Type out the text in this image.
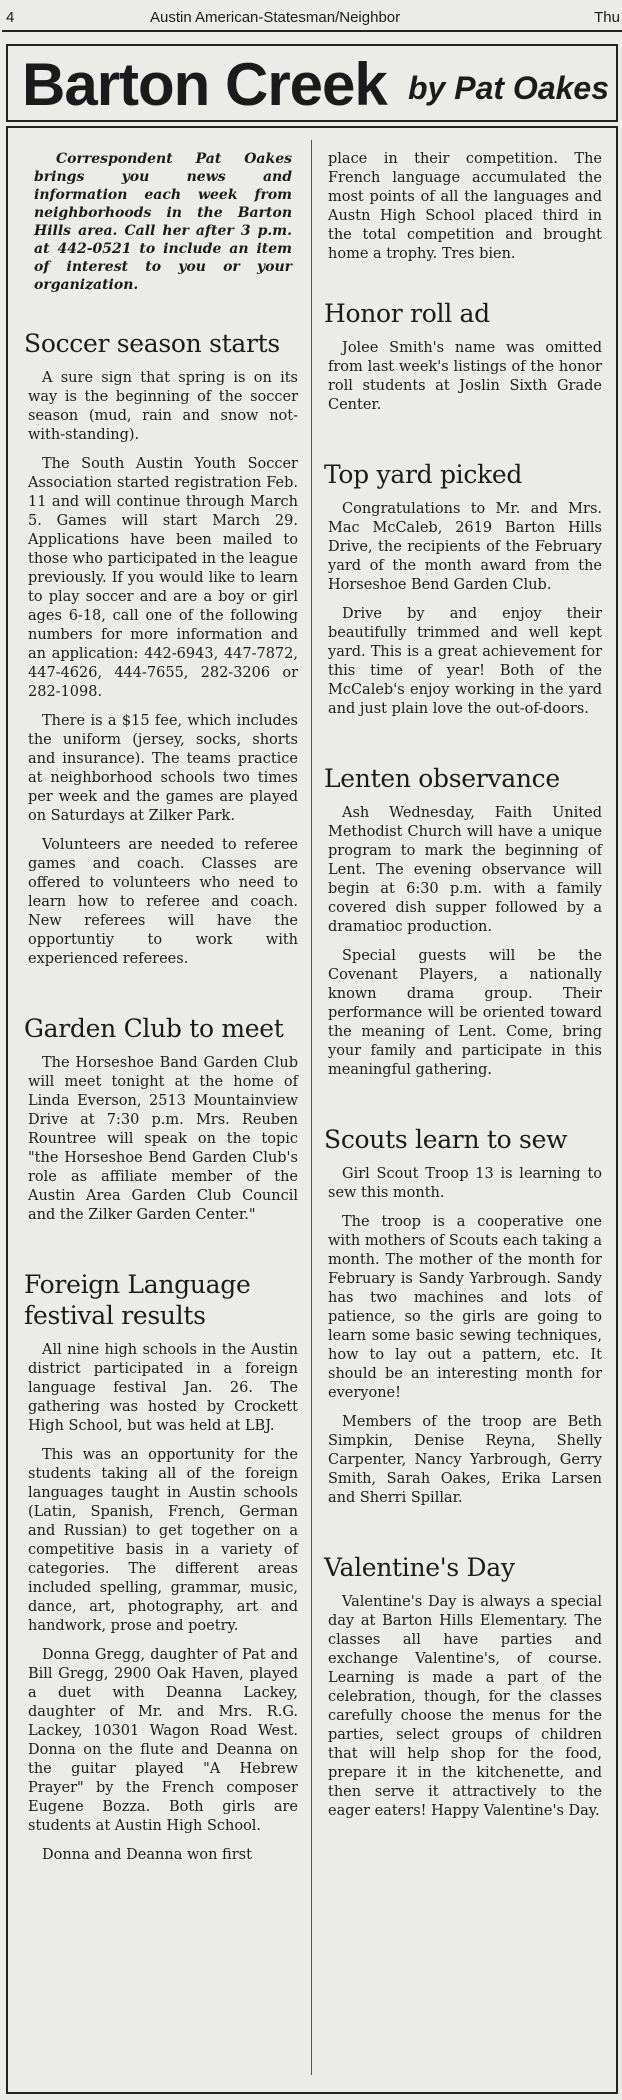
4	Austin American-Statesman/Neighbor	Thu
Barton Creek by Pat Oakes

Correspondent Pat Oakes brings you news and information each week from neighborhoods in the Barton Hills area. Call her after 3 p.m. at 442-0521 to include an item of interest to you or your organization.

Soccer season starts

A sure sign that spring is on its way is the beginning of the soccer season (mud, rain and snow not-with-standing).

The South Austin Youth Soccer Association started registration Feb. 11 and will continue through March 5. Games will start March 29. Applications have been mailed to those who participated in the league previously. If you would like to learn to play soccer and are a boy or girl ages 6-18, call one of the following numbers for more information and an application: 442-6943, 447-7872, 447-4626, 444-7655, 282-3206 or 282-1098.

There is a $15 fee, which includes the uniform (jersey, socks, shorts and insurance). The teams practice at neighborhood schools two times per week and the games are played on Saturdays at Zilker Park.

Volunteers are needed to referee games and coach. Classes are offered to volunteers who need to learn how to referee and coach. New referees will have the opportuntiy to work with experienced referees.

Garden Club to meet

The Horseshoe Band Garden Club will meet tonight at the home of Linda Everson, 2513 Mountainview Drive at 7:30 p.m. Mrs. Reuben Rountree will speak on the topic "the Horseshoe Bend Garden Club's role as affiliate member of the Austin Area Garden Club Council and the Zilker Garden Center."

Foreign Language festival results

All nine high schools in the Austin district participated in a foreign language festival Jan. 26. The gathering was hosted by Crockett High School, but was held at LBJ.

This was an opportunity for the students taking all of the foreign languages taught in Austin schools (Latin, Spanish, French, German and Russian) to get together on a competitive basis in a variety of categories. The different areas included spelling, grammar, music, dance, art, photography, art and handwork, prose and poetry.

Donna Gregg, daughter of Pat and Bill Gregg, 2900 Oak Haven, played a duet with Deanna Lackey, daughter of Mr. and Mrs. R.G. Lackey, 10301 Wagon Road West. Donna on the flute and Deanna on the guitar played "A Hebrew Prayer" by the French composer Eugene Bozza. Both girls are students at Austin High School.

Donna and Deanna won first

place in their competition. The French language accumulated the most points of all the languages and Austn High School placed third in the total competition and brought home a trophy. Tres bien.

Honor roll ad

Jolee Smith's name was omitted from last week's listings of the honor roll students at Joslin Sixth Grade Center.

Top yard picked

Congratulations to Mr. and Mrs. Mac McCaleb, 2619 Barton Hills Drive, the recipients of the February yard of the month award from the Horseshoe Bend Garden Club.

Drive by and enjoy their beautifully trimmed and well kept yard. This is a great achievement for this time of year! Both of the McCaleb's enjoy working in the yard and just plain love the out-of-doors.

Lenten observance

Ash Wednesday, Faith United Methodist Church will have a unique program to mark the beginning of Lent. The evening observance will begin at 6:30 p.m. with a family covered dish supper followed by a dramatioc production.

Special guests will be the Covenant Players, a nationally known drama group. Their performance will be oriented toward the meaning of Lent. Come, bring your family and participate in this meaningful gathering.

Scouts learn to sew

Girl Scout Troop 13 is learning to sew this month.

The troop is a cooperative one with mothers of Scouts each taking a month. The mother of the month for February is Sandy Yarbrough. Sandy has two machines and lots of patience, so the girls are going to learn some basic sewing techniques, how to lay out a pattern, etc. It should be an interesting month for everyone!

Members of the troop are Beth Simpkin, Denise Reyna, Shelly Carpenter, Nancy Yarbrough, Gerry Smith, Sarah Oakes, Erika Larsen and Sherri Spillar.

Valentine's Day

Valentine's Day is always a special day at Barton Hills Elementary. The classes all have parties and exchange Valentine's, of course. Learning is made a part of the celebration, though, for the classes carefully choose the menus for the parties, select groups of children that will help shop for the food, prepare it in the kitchenette, and then serve it attractively to the eager eaters! Happy Valentine's Day.
